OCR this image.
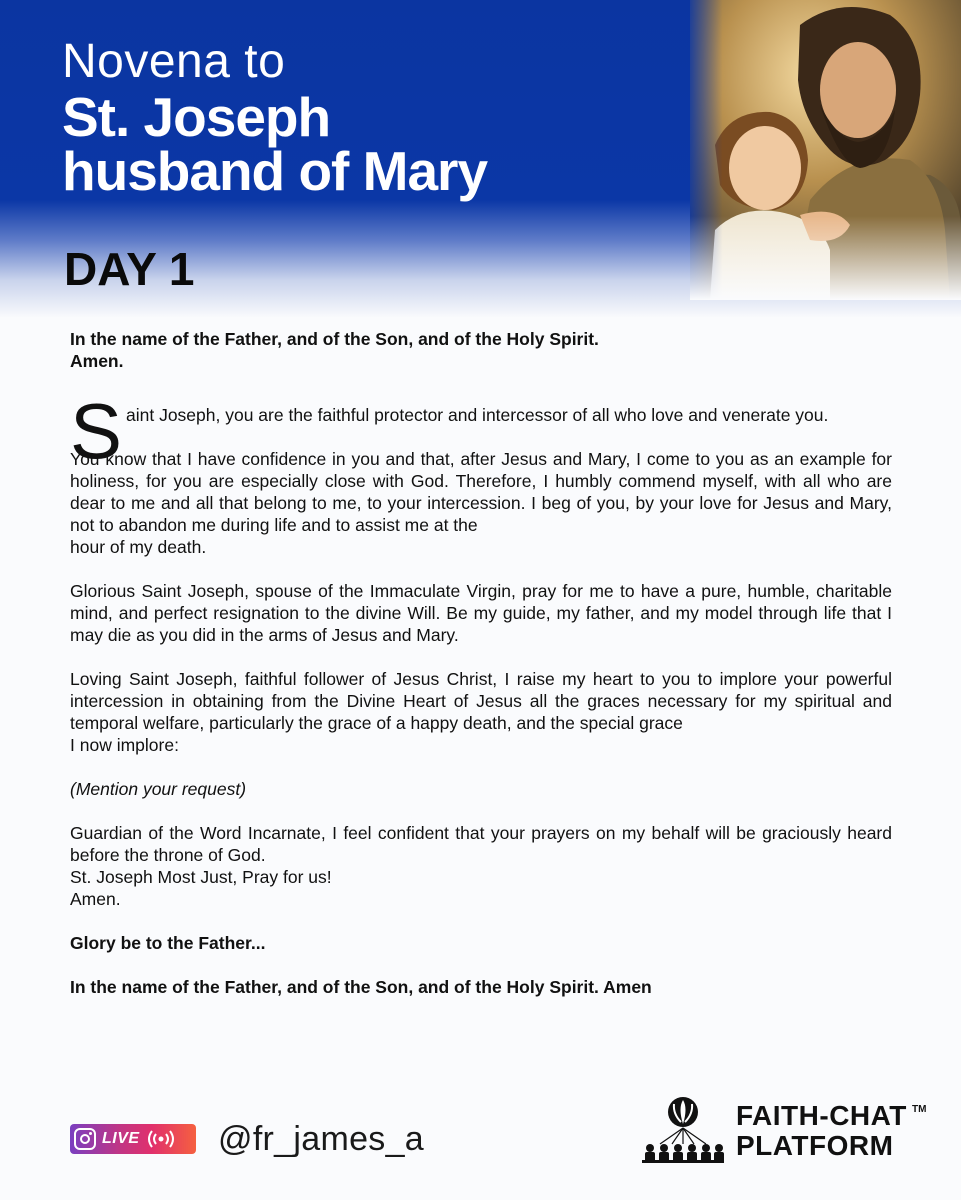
Novena to
St. Joseph
husband of Mary
DAY 1

In the name of the Father, and of the Son, and of the Holy Spirit.

Amen.

S aint Joseph, you are the faithful protector and intercessor of all who love and venerate you.

You know that I have confidence in you and that, after Jesus and Mary, I come to you as an example for holiness, for you are especially close with God. Therefore, I humbly commend myself, with all who are dear to me and all that belong to me, to your intercession. I beg of you, by your love for Jesus and Mary, not to abandon me during life and to assist me at the

hour of my death.

Glorious Saint Joseph, spouse of the Immaculate Virgin, pray for me to have a pure, humble, charitable mind, and perfect resignation to the divine Will. Be my guide, my father, and my model through life that I may die as you did in the arms of Jesus and Mary.

Loving Saint Joseph, faithful follower of Jesus Christ, I raise my heart to you to implore your powerful intercession in obtaining from the Divine Heart of Jesus all the graces necessary for my spiritual and temporal welfare, particularly the grace of a happy death, and the special grace

I now implore:

(Mention your request)

Guardian of the Word Incarnate, I feel confident that your prayers on my behalf will be graciously heard before the throne of God.

St. Joseph Most Just, Pray for us!

Amen.

Glory be to the Father...

In the name of the Father, and of the Son, and of the Holy Spirit. Amen

LIVE @fr_james_a

FAITH-CHAT TM

PLATFORM
